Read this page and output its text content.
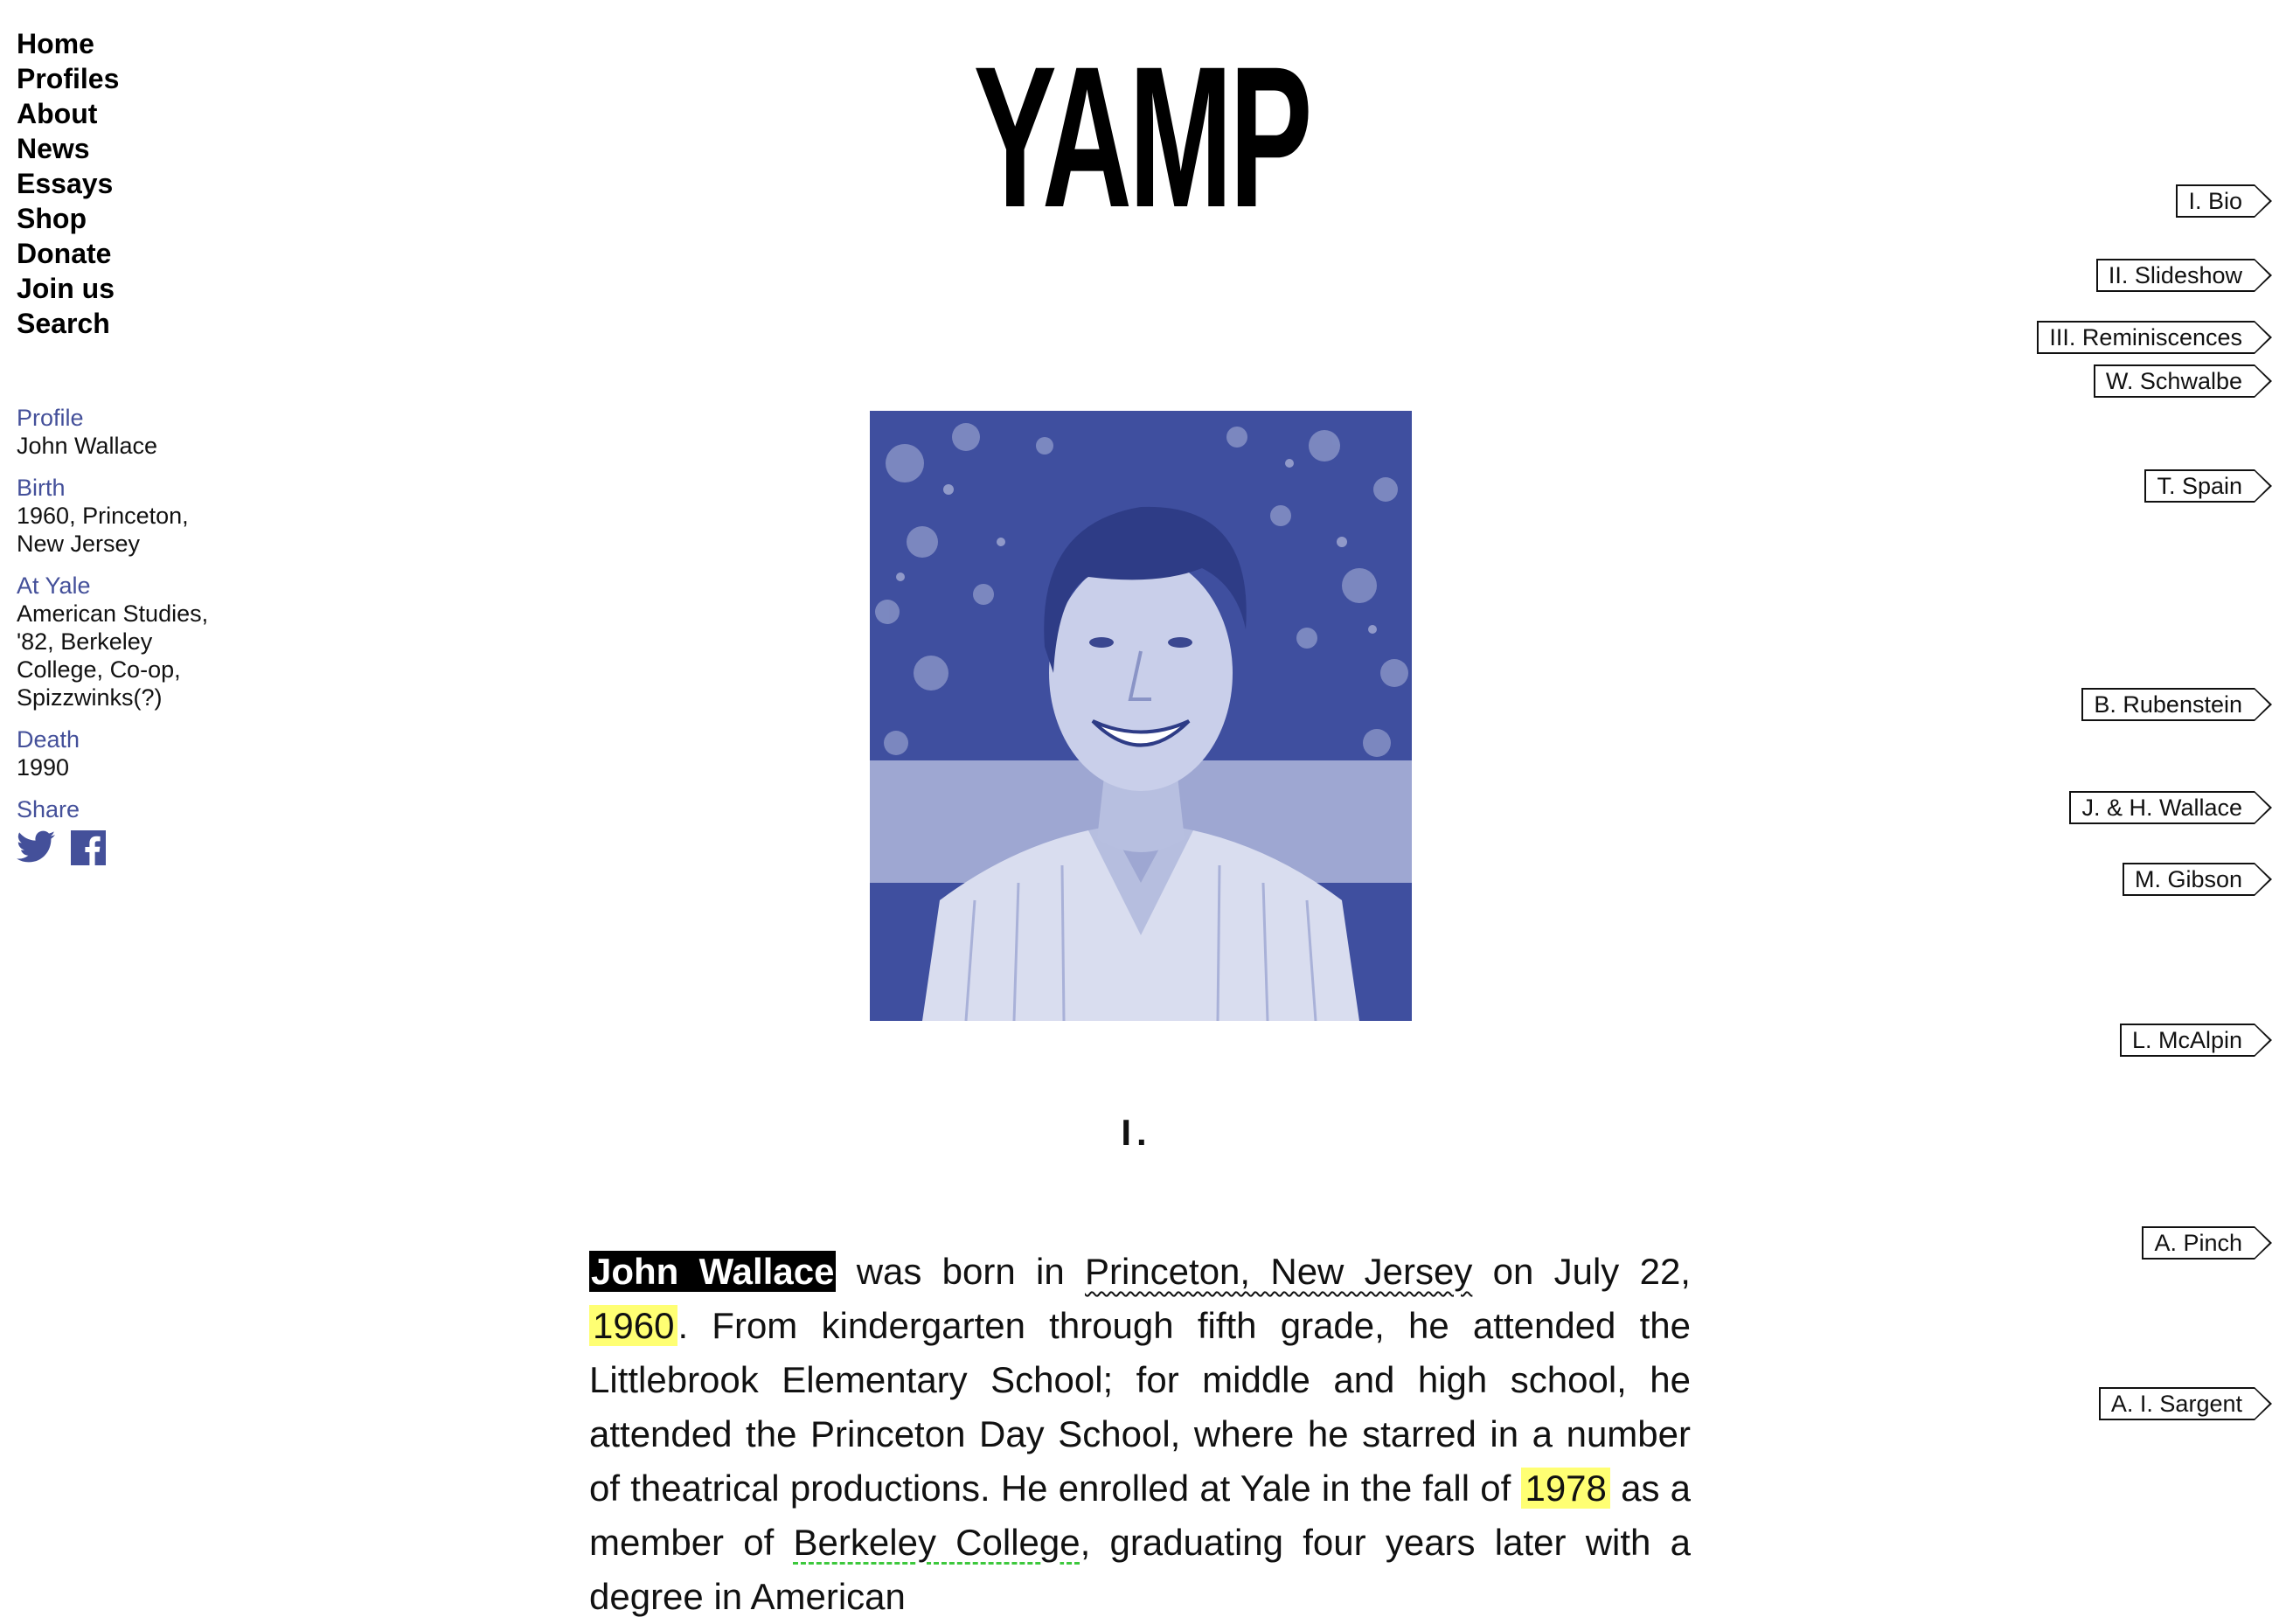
Home
Profiles
About
News
Essays
Shop
Donate
Join us
Search
Profile
John Wallace
Birth
1960, Princeton,
New Jersey
At Yale
American Studies,
'82, Berkeley
College, Co-op,
Spizzwinks(?)
Death
1990
Share
YAMP
I.

John Wallace was born in Princeton, New Jersey on July 22, 1960. From kindergarten through fifth grade, he attended the Littlebrook Elementary School; for middle and high school, he attended the Princeton Day School, where he starred in a number of theatrical productions. He enrolled at Yale in the fall of 1978 as a member of Berkeley College, graduating four years later with a degree in American

I. Bio
II. Slideshow
III. Reminiscences
W. Schwalbe
T. Spain
B. Rubenstein
J. & H. Wallace
M. Gibson
L. McAlpin
A. Pinch
A. I. Sargent
